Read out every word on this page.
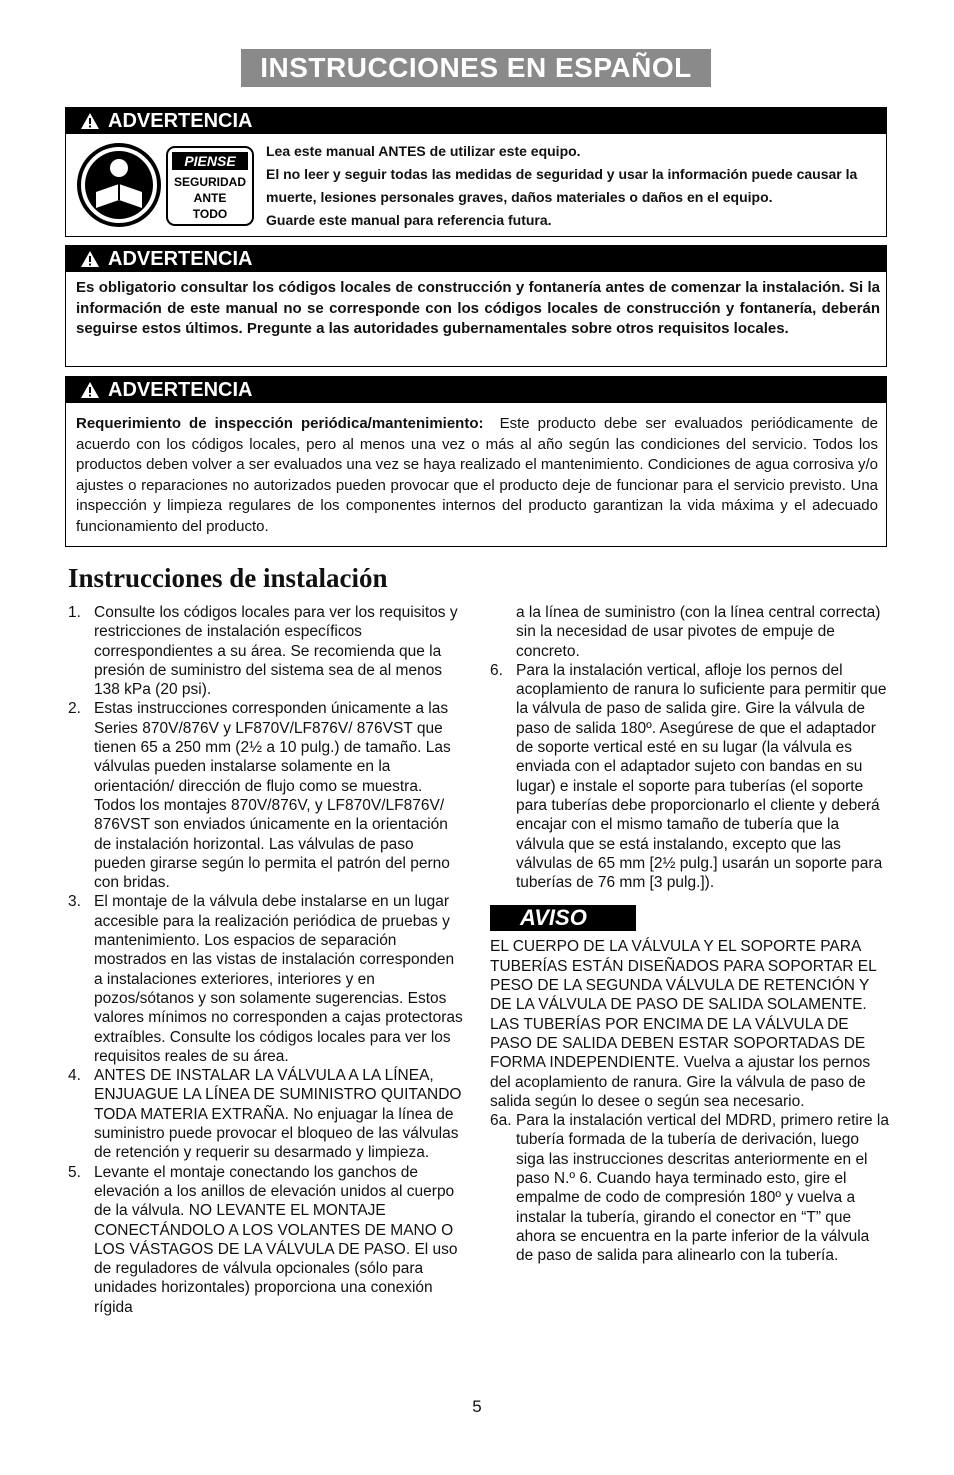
INSTRUCCIONES EN ESPAÑOL
ADVERTENCIA
PIENSE
SEGURIDAD
ANTE
TODO

Lea este manual ANTES de utilizar este equipo.

El no leer y seguir todas las medidas de seguridad y usar la información puede causar la muerte, lesiones personales graves, daños materiales o daños en el equipo.

Guarde este manual para referencia futura.

ADVERTENCIA
Es obligatorio consultar los códigos locales de construcción y fontanería antes de comenzar la instalación. Si la información de este manual no se corresponde con los códigos locales de construcción y fontanería, deberán seguirse estos últimos. Pregunte a las autoridades gubernamentales sobre otros requisitos locales.
ADVERTENCIA
Requerimiento de inspección periódica/mantenimiento: Este producto debe ser evaluados periódicamente de acuerdo con los códigos locales, pero al menos una vez o más al año según las condiciones del servicio. Todos los productos deben volver a ser evaluados una vez se haya realizado el mantenimiento. Condiciones de agua corrosiva y/o ajustes o reparaciones no autorizados pueden provocar que el producto deje de funcionar para el servicio previsto. Una inspección y limpieza regulares de los componentes internos del producto garantizan la vida máxima y el adecuado funcionamiento del producto.
Instrucciones de instalación
1. Consulte los códigos locales para ver los requisitos y restricciones de instalación específicos correspondientes a su área. Se recomienda que la presión de suministro del sistema sea de al menos 138 kPa (20 psi).
2. Estas instrucciones corresponden únicamente a las Series 870V/876V y LF870V/LF876V/ 876VST que tienen 65 a 250 mm (2½ a 10 pulg.) de tamaño. Las válvulas pueden instalarse solamente en la orientación/ dirección de flujo como se muestra. Todos los montajes 870V/876V, y LF870V/LF876V/ 876VST son enviados únicamente en la orientación de instalación horizontal. Las válvulas de paso pueden girarse según lo permita el patrón del perno con bridas.
3. El montaje de la válvula debe instalarse en un lugar accesible para la realización periódica de pruebas y mantenimiento. Los espacios de separación mostrados en las vistas de instalación corresponden a instalaciones exteriores, interiores y en pozos/sótanos y son solamente sugerencias. Estos valores mínimos no corresponden a cajas protectoras extraíbles. Consulte los códigos locales para ver los requisitos reales de su área.
4. ANTES DE INSTALAR LA VÁLVULA A LA LÍNEA, ENJUAGUE LA LÍNEA DE SUMINISTRO QUITANDO TODA MATERIA EXTRAÑA. No enjuagar la línea de suministro puede provocar el bloqueo de las válvulas de retención y requerir su desarmado y limpieza.
5. Levante el montaje conectando los ganchos de elevación a los anillos de elevación unidos al cuerpo de la válvula. NO LEVANTE EL MONTAJE CONECTÁNDOLO A LOS VOLANTES DE MANO O LOS VÁSTAGOS DE LA VÁLVULA DE PASO. El uso de reguladores de válvula opcionales (sólo para unidades horizontales) proporciona una conexión rígida
a la línea de suministro (con la línea central correcta) sin la necesidad de usar pivotes de empuje de concreto.
6. Para la instalación vertical, afloje los pernos del acoplamiento de ranura lo suficiente para permitir que la válvula de paso de salida gire. Gire la válvula de paso de salida 180º. Asegúrese de que el adaptador de soporte vertical esté en su lugar (la válvula es enviada con el adaptador sujeto con bandas en su lugar) e instale el soporte para tuberías (el soporte para tuberías debe proporcionarlo el cliente y deberá encajar con el mismo tamaño de tubería que la válvula que se está instalando, excepto que las válvulas de 65 mm [2½ pulg.] usarán un soporte para tuberías de 76 mm [3 pulg.]).
AVISO
EL CUERPO DE LA VÁLVULA Y EL SOPORTE PARA TUBERÍAS ESTÁN DISEÑADOS PARA SOPORTAR EL PESO DE LA SEGUNDA VÁLVULA DE RETENCIÓN Y DE LA VÁLVULA DE PASO DE SALIDA SOLAMENTE. LAS TUBERÍAS POR ENCIMA DE LA VÁLVULA DE PASO DE SALIDA DEBEN ESTAR SOPORTADAS DE FORMA INDEPENDIENTE. Vuelva a ajustar los pernos del acoplamiento de ranura. Gire la válvula de paso de salida según lo desee o según sea necesario.
6a. Para la instalación vertical del MDRD, primero retire la tubería formada de la tubería de derivación, luego siga las instrucciones descritas anteriormente en el paso N.º 6. Cuando haya terminado esto, gire el empalme de codo de compresión 180º y vuelva a instalar la tubería, girando el conector en “T” que ahora se encuentra en la parte inferior de la válvula de paso de salida para alinearlo con la tubería.
5
